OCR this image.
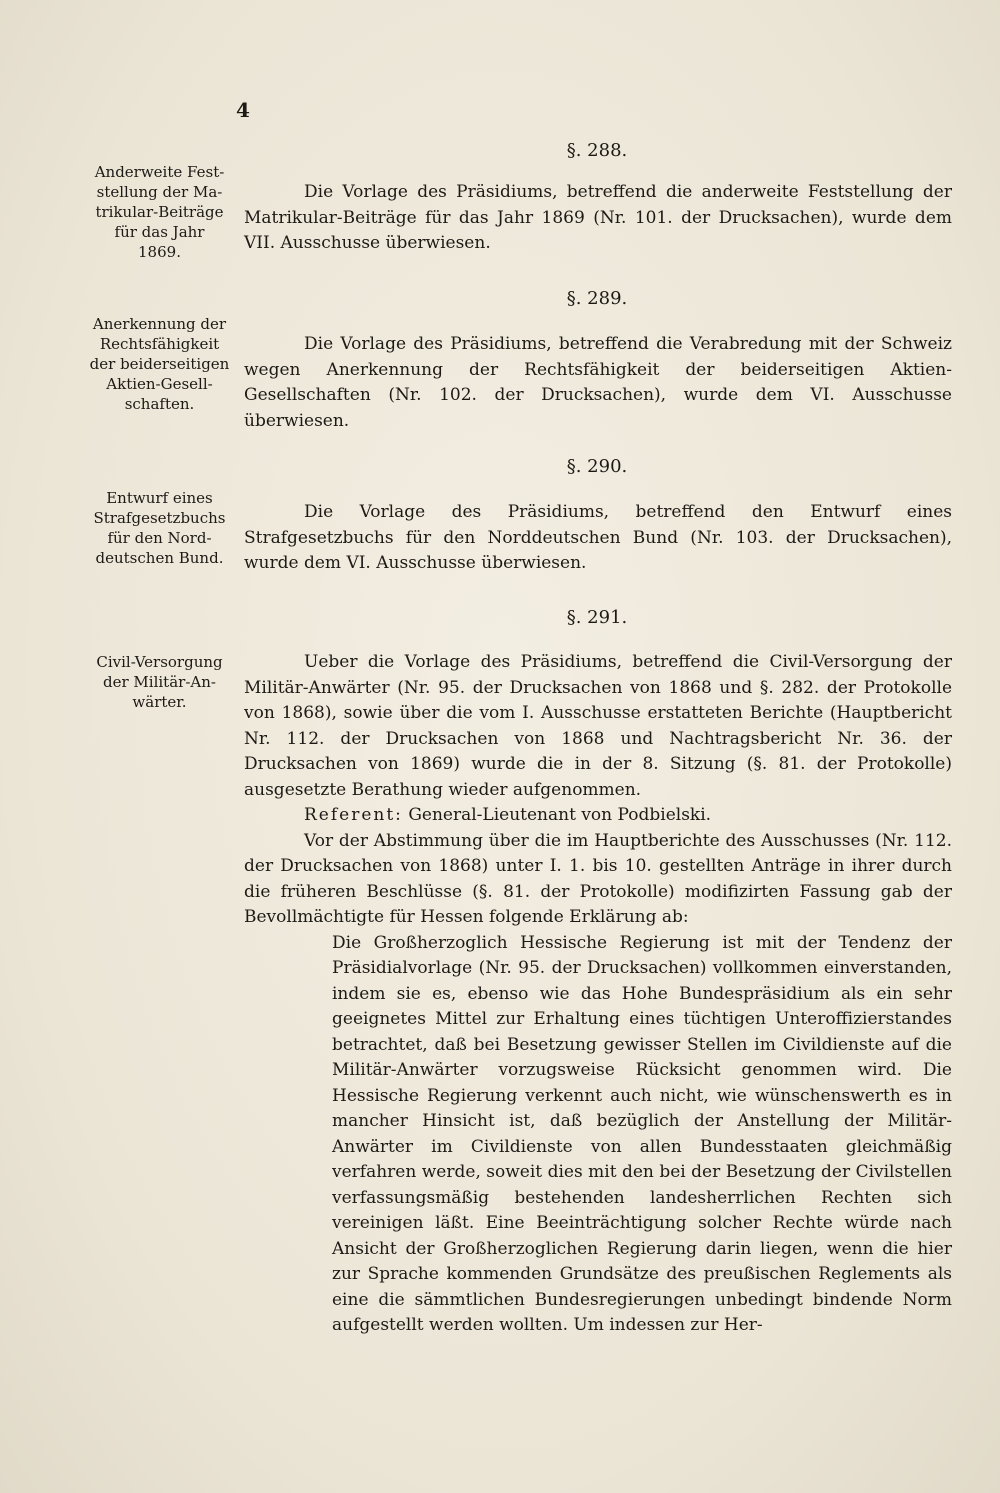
4
Anderweite Fest-
stellung der Ma-
trikular-Beiträge
für das Jahr
1869.
§. 288.

Die Vorlage des Präsidiums, betreffend die anderweite Feststellung der Matrikular-Beiträge für das Jahr 1869 (Nr. 101. der Drucksachen), wurde dem VII. Ausschusse überwiesen.

Anerkennung der
Rechtsfähigkeit
der beiderseitigen
Aktien-Gesell-
schaften.
§. 289.

Die Vorlage des Präsidiums, betreffend die Verabredung mit der Schweiz wegen Anerkennung der Rechtsfähigkeit der beiderseitigen Aktien-Gesellschaften (Nr. 102. der Drucksachen), wurde dem VI. Ausschusse überwiesen.

Entwurf eines
Strafgesetzbuchs
für den Nord-
deutschen Bund.
§. 290.

Die Vorlage des Präsidiums, betreffend den Entwurf eines Strafgesetzbuchs für den Norddeutschen Bund (Nr. 103. der Drucksachen), wurde dem VI. Ausschusse überwiesen.

Civil-Versorgung
der Militär-An-
wärter.
§. 291.

Ueber die Vorlage des Präsidiums, betreffend die Civil-Versorgung der Militär-Anwärter (Nr. 95. der Drucksachen von 1868 und §. 282. der Protokolle von 1868), sowie über die vom I. Ausschusse erstatteten Berichte (Hauptbericht Nr. 112. der Drucksachen von 1868 und Nachtragsbericht Nr. 36. der Drucksachen von 1869) wurde die in der 8. Sitzung (§. 81. der Protokolle) ausgesetzte Berathung wieder aufgenommen.

Referent: General-Lieutenant von Podbielski.

Vor der Abstimmung über die im Hauptberichte des Ausschusses (Nr. 112. der Drucksachen von 1868) unter I. 1. bis 10. gestellten Anträge in ihrer durch die früheren Beschlüsse (§. 81. der Protokolle) modifizirten Fassung gab der Bevollmächtigte für Hessen folgende Erklärung ab:

Die Großherzoglich Hessische Regierung ist mit der Tendenz der Präsidialvorlage (Nr. 95. der Drucksachen) vollkommen einverstanden, indem sie es, ebenso wie das Hohe Bundespräsidium als ein sehr geeignetes Mittel zur Erhaltung eines tüchtigen Unteroffizierstandes betrachtet, daß bei Besetzung gewisser Stellen im Civildienste auf die Militär-Anwärter vorzugsweise Rücksicht genommen wird. Die Hessische Regierung verkennt auch nicht, wie wünschenswerth es in mancher Hinsicht ist, daß bezüglich der Anstellung der Militär-Anwärter im Civildienste von allen Bundesstaaten gleichmäßig verfahren werde, soweit dies mit den bei der Besetzung der Civilstellen verfassungsmäßig bestehenden landesherrlichen Rechten sich vereinigen läßt. Eine Beeinträchtigung solcher Rechte würde nach Ansicht der Großherzoglichen Regierung darin liegen, wenn die hier zur Sprache kommenden Grundsätze des preußischen Reglements als eine die sämmtlichen Bundesregierungen unbedingt bindende Norm aufgestellt werden wollten. Um indessen zur Her-
